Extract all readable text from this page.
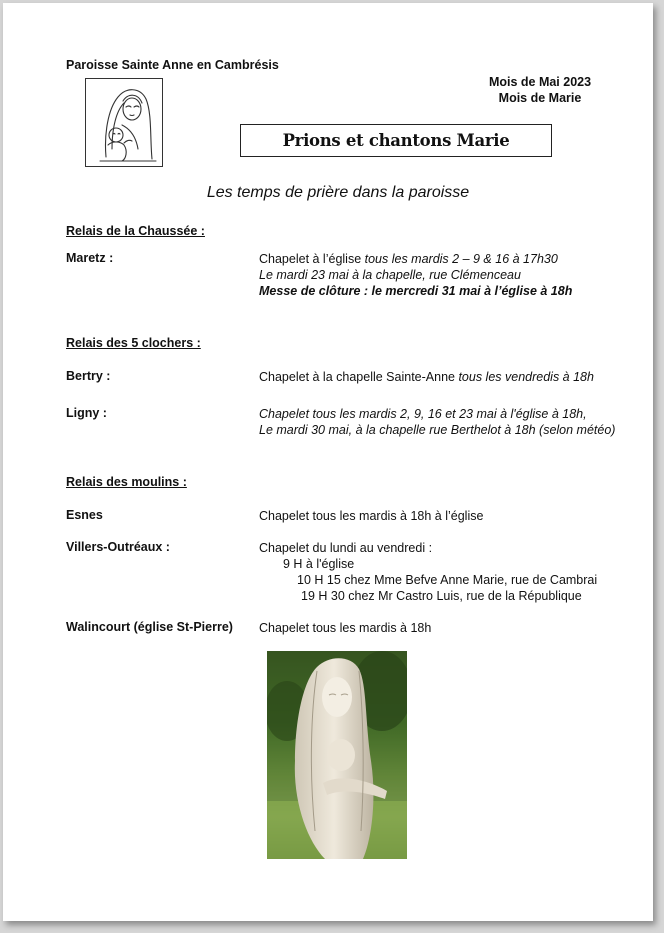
Paroisse Sainte Anne en Cambrésis
Mois de Mai 2023
Mois de Marie
Prions et chantons Marie
Les temps de prière dans la paroisse
Relais de la Chaussée :
Maretz :	Chapelet à l’église tous les mardis 2 – 9 & 16 à 17h30
Le mardi 23 mai à la chapelle, rue Clémenceau
Messe de clôture : le mercredi 31 mai à l’église à 18h
Relais des 5 clochers :
Bertry :	Chapelet à la chapelle Sainte-Anne tous les vendredis à 18h
Ligny :	Chapelet tous les mardis 2, 9, 16 et 23 mai à l'église à 18h,
Le mardi 30 mai, à la chapelle rue Berthelot à 18h (selon météo)
Relais des moulins :
Esnes	Chapelet tous les mardis à 18h à l’église
Villers-Outréaux :	Chapelet du lundi au vendredi :
9 H à l'église
10 H 15 chez Mme Befve Anne Marie, rue de Cambrai
19 H 30 chez Mr Castro Luis, rue de la République
Walincourt (église St-Pierre) Chapelet tous les mardis à 18h
